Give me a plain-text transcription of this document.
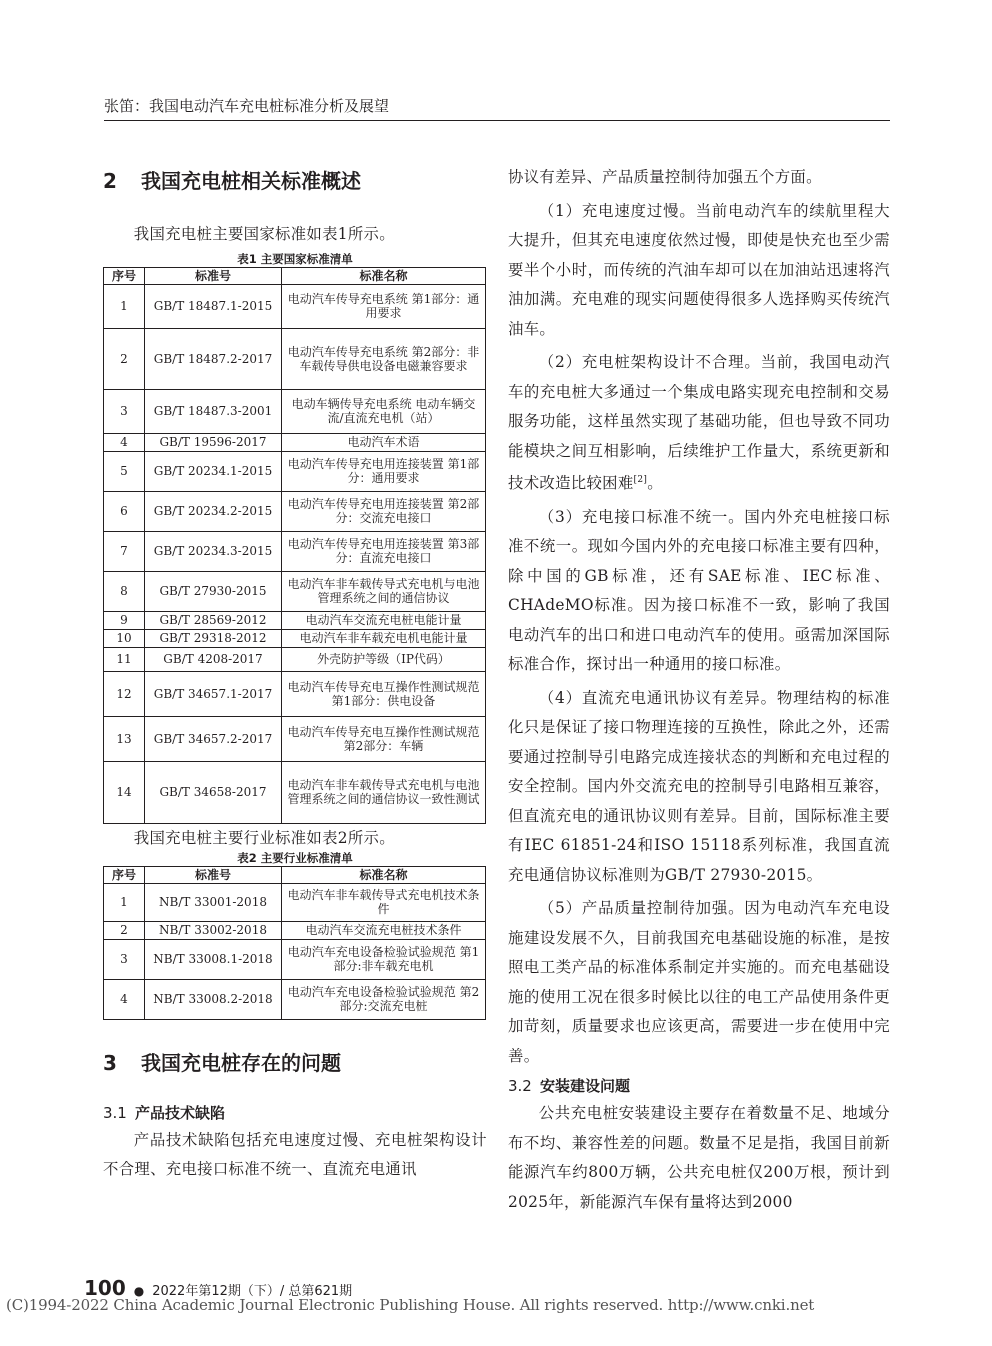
张笛：我国电动汽车充电桩标准分析及展望
2 我国充电桩相关标准概述

我国充电桩主要国家标准如表1所示。

表1 主要国家标准清单

序号	标准号	标准名称
1	GB/T 18487.1-2015	电动汽车传导充电系统 第1部分：通用要求
2	GB/T 18487.2-2017	电动汽车传导充电系统 第2部分：非车载传导供电设备电磁兼容要求
3	GB/T 18487.3-2001	电动车辆传导充电系统 电动车辆交流/直流充电机（站）
4	GB/T 19596-2017	电动汽车术语
5	GB/T 20234.1-2015	电动汽车传导充电用连接装置 第1部分：通用要求
6	GB/T 20234.2-2015	电动汽车传导充电用连接装置 第2部分：交流充电接口
7	GB/T 20234.3-2015	电动汽车传导充电用连接装置 第3部分：直流充电接口
8	GB/T 27930-2015	电动汽车非车载传导式充电机与电池管理系统之间的通信协议
9	GB/T 28569-2012	电动汽车交流充电桩电能计量
10	GB/T 29318-2012	电动汽车非车载充电机电能计量
11	GB/T 4208-2017	外壳防护等级（IP代码）
12	GB/T 34657.1-2017	电动汽车传导充电互操作性测试规范 第1部分：供电设备
13	GB/T 34657.2-2017	电动汽车传导充电互操作性测试规范 第2部分：车辆
14	GB/T 34658-2017	电动汽车非车载传导式充电机与电池管理系统之间的通信协议一致性测试

我国充电桩主要行业标准如表2所示。

表2 主要行业标准清单

序号	标准号	标准名称
1	NB/T 33001-2018	电动汽车非车载传导式充电机技术条件
2	NB/T 33002-2018	电动汽车交流充电桩技术条件
3	NB/T 33008.1-2018	电动汽车充电设备检验试验规范 第1部分:非车载充电机
4	NB/T 33008.2-2018	电动汽车充电设备检验试验规范 第2部分:交流充电桩
3 我国充电桩存在的问题
3.1 产品技术缺陷

产品技术缺陷包括充电速度过慢、充电桩架构设计不合理、充电接口标准不统一、直流充电通讯

协议有差异、产品质量控制待加强五个方面。

（1）充电速度过慢。当前电动汽车的续航里程大大提升，但其充电速度依然过慢，即使是快充也至少需要半个小时，而传统的汽油车却可以在加油站迅速将汽油加满。充电难的现实问题使得很多人选择购买传统汽油车。

（2）充电桩架构设计不合理。当前，我国电动汽车的充电桩大多通过一个集成电路实现充电控制和交易服务功能，这样虽然实现了基础功能，但也导致不同功能模块之间互相影响，后续维护工作量大，系统更新和技术改造比较困难[2]。

（3）充电接口标准不统一。国内外充电桩接口标准不统一。现如今国内外的充电接口标准主要有四种，除中国的GB标准，还有SAE标准、IEC标准、CHAdeMO标准。因为接口标准不一致，影响了我国电动汽车的出口和进口电动汽车的使用。亟需加深国际标准合作，探讨出一种通用的接口标准。

（4）直流充电通讯协议有差异。物理结构的标准化只是保证了接口物理连接的互换性，除此之外，还需要通过控制导引电路完成连接状态的判断和充电过程的安全控制。国内外交流充电的控制导引电路相互兼容，但直流充电的通讯协议则有差异。目前，国际标准主要有IEC 61851-24和ISO 15118系列标准，我国直流充电通信协议标准则为GB/T 27930-2015。

（5）产品质量控制待加强。因为电动汽车充电设施建设发展不久，目前我国充电基础设施的标准，是按照电工类产品的标准体系制定并实施的。而充电基础设施的使用工况在很多时候比以往的电工产品使用条件更加苛刻，质量要求也应该更高，需要进一步在使用中完善。

3.2 安装建设问题

公共充电桩安装建设主要存在着数量不足、地域分布不均、兼容性差的问题。数量不足是指，我国目前新能源汽车约800万辆，公共充电桩仅200万根，预计到2025年，新能源汽车保有量将达到2000

100 ● 2022年第12期（下）/ 总第621期
(C)1994-2022 China Academic Journal Electronic Publishing House. All rights reserved. http://www.cnki.net
